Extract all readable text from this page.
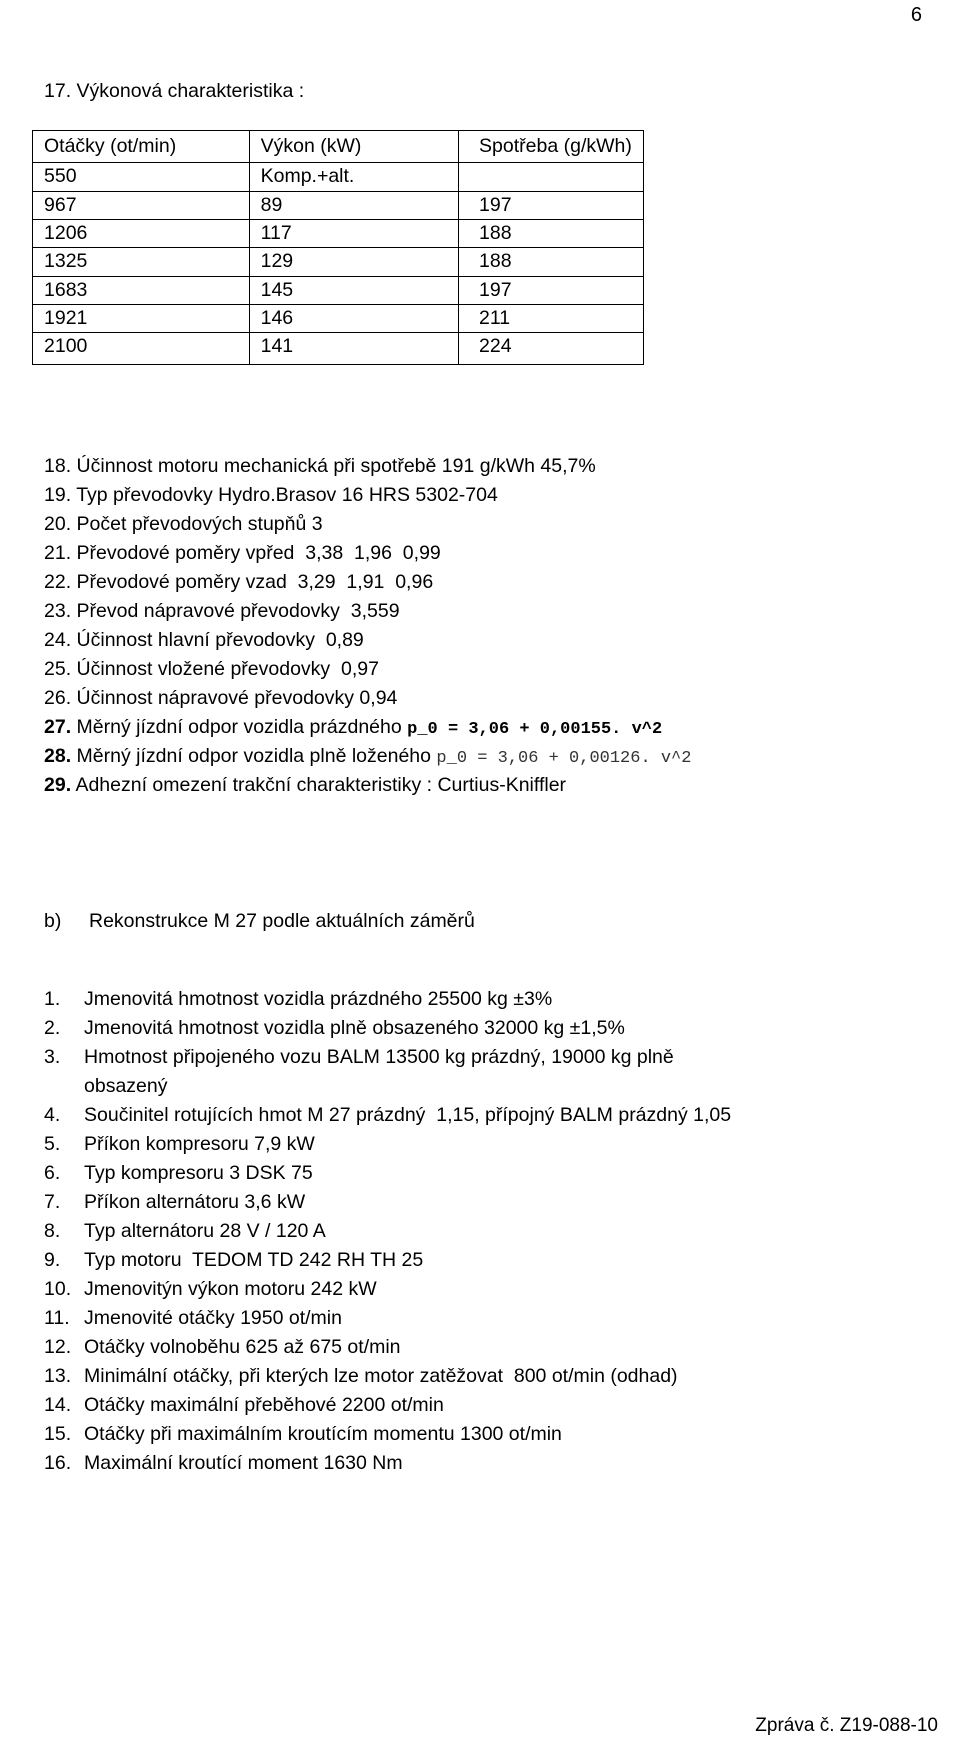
6
17. Výkonová charakteristika :
Otáčky (ot/min)	Výkon (kW)	Spotřeba (g/kWh)
550	Komp.+alt.	
967	89	197
1206	117	188
1325	129	188
1683	145	197
1921	146	211
2100	141	224
18. Účinnost motoru mechanická při spotřebě 191 g/kWh 45,7%
19. Typ převodovky Hydro.Brasov 16 HRS 5302-704
20. Počet převodových stupňů 3
21. Převodové poměry vpřed  3,38  1,96  0,99
22. Převodové poměry vzad  3,29  1,91  0,96
23. Převod nápravové převodovky  3,559
24. Účinnost hlavní převodovky  0,89
25. Účinnost vložené převodovky  0,97
26. Účinnost nápravové převodovky 0,94
27. Měrný jízdní odpor vozidla prázdného p_0 = 3,06 + 0,00155. v^2
28. Měrný jízdní odpor vozidla plně loženého p_0 = 3,06 + 0,00126. v^2
29. Adhezní omezení trakční charakteristiky : Curtius-Kniffler
b) Rekonstrukce M 27 podle aktuálních záměrů
1.	Jmenovitá hmotnost vozidla prázdného 25500 kg ±3%
2.	Jmenovitá hmotnost vozidla plně obsazeného 32000 kg ±1,5%
3.	Hmotnost připojeného vozu BALM 13500 kg prázdný, 19000 kg plně
obsazený
4.	Součinitel rotujících hmot M 27 prázdný  1,15, přípojný BALM prázdný 1,05
5.	Příkon kompresoru 7,9 kW
6.	Typ kompresoru 3 DSK 75
7.	Příkon alternátoru 3,6 kW
8.	Typ alternátoru 28 V / 120 A
9.	Typ motoru  TEDOM TD 242 RH TH 25
10. Jmenovitýn výkon motoru 242 kW
11. Jmenovité otáčky 1950 ot/min
12. Otáčky volnoběhu 625 až 675 ot/min
13. Minimální otáčky, při kterých lze motor zatěžovat  800 ot/min (odhad)
14. Otáčky maximální přeběhové 2200 ot/min
15. Otáčky při maximálním kroutícím momentu 1300 ot/min
16. Maximální kroutící moment 1630 Nm
Zpráva č. Z19-088-10
